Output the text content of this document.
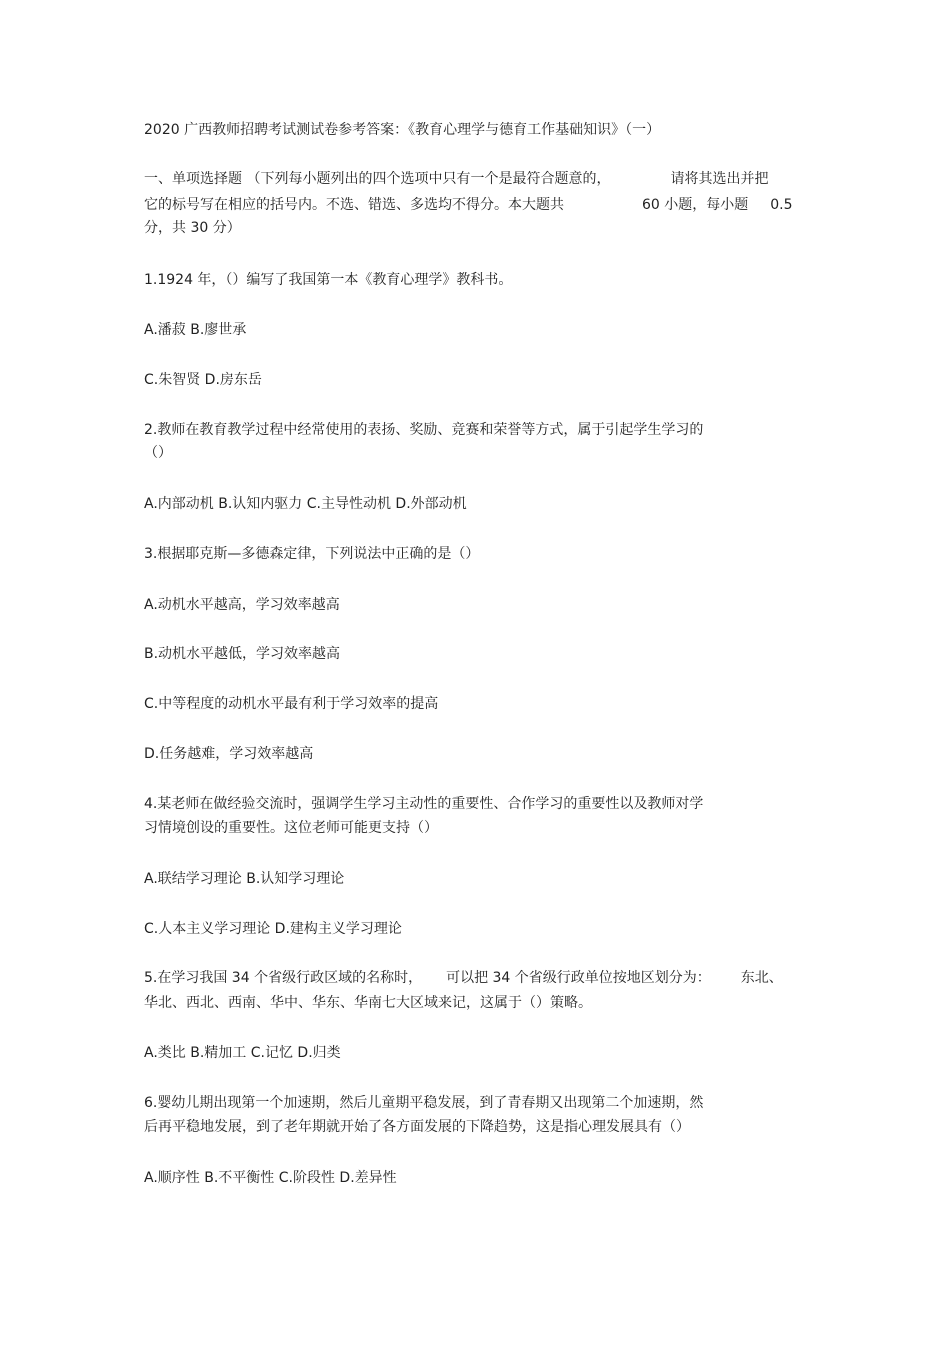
2020 广西教师招聘考试测试卷参考答案：《教育心理学与德育工作基础知识》（一）
一、单项选择题 （下列每小题列出的四个选项中只有一个是最符合题意的，	请将其选出并把
它的标号写在相应的括号内。不选、错选、多选均不得分。本大题共	60 小题，每小题 0.5
分，共 30 分）
1.1924 年，（）编写了我国第一本《教育心理学》教科书。
A.潘菽 B.廖世承
C.朱智贤 D.房东岳
2.教师在教育教学过程中经常使用的表扬、奖励、竞赛和荣誉等方式，属于引起学生学习的
（）
A.内部动机 B.认知内驱力 C.主导性动机 D.外部动机
3.根据耶克斯—多德森定律，下列说法中正确的是（）
A.动机水平越高，学习效率越高
B.动机水平越低，学习效率越高
C.中等程度的动机水平最有利于学习效率的提高
D.任务越难，学习效率越高
4.某老师在做经验交流时，强调学生学习主动性的重要性、合作学习的重要性以及教师对学
习情境创设的重要性。这位老师可能更支持（）
A.联结学习理论 B.认知学习理论
C.人本主义学习理论 D.建构主义学习理论
5.在学习我国 34 个省级行政区域的名称时， 可以把 34 个省级行政单位按地区划分为： 东北、
华北、西北、西南、华中、华东、华南七大区域来记，这属于（）策略。
A.类比 B.精加工 C.记忆 D.归类
6.婴幼儿期出现第一个加速期，然后儿童期平稳发展，到了青春期又出现第二个加速期，然
后再平稳地发展，到了老年期就开始了各方面发展的下降趋势，这是指心理发展具有（）
A.顺序性 B.不平衡性 C.阶段性 D.差异性
